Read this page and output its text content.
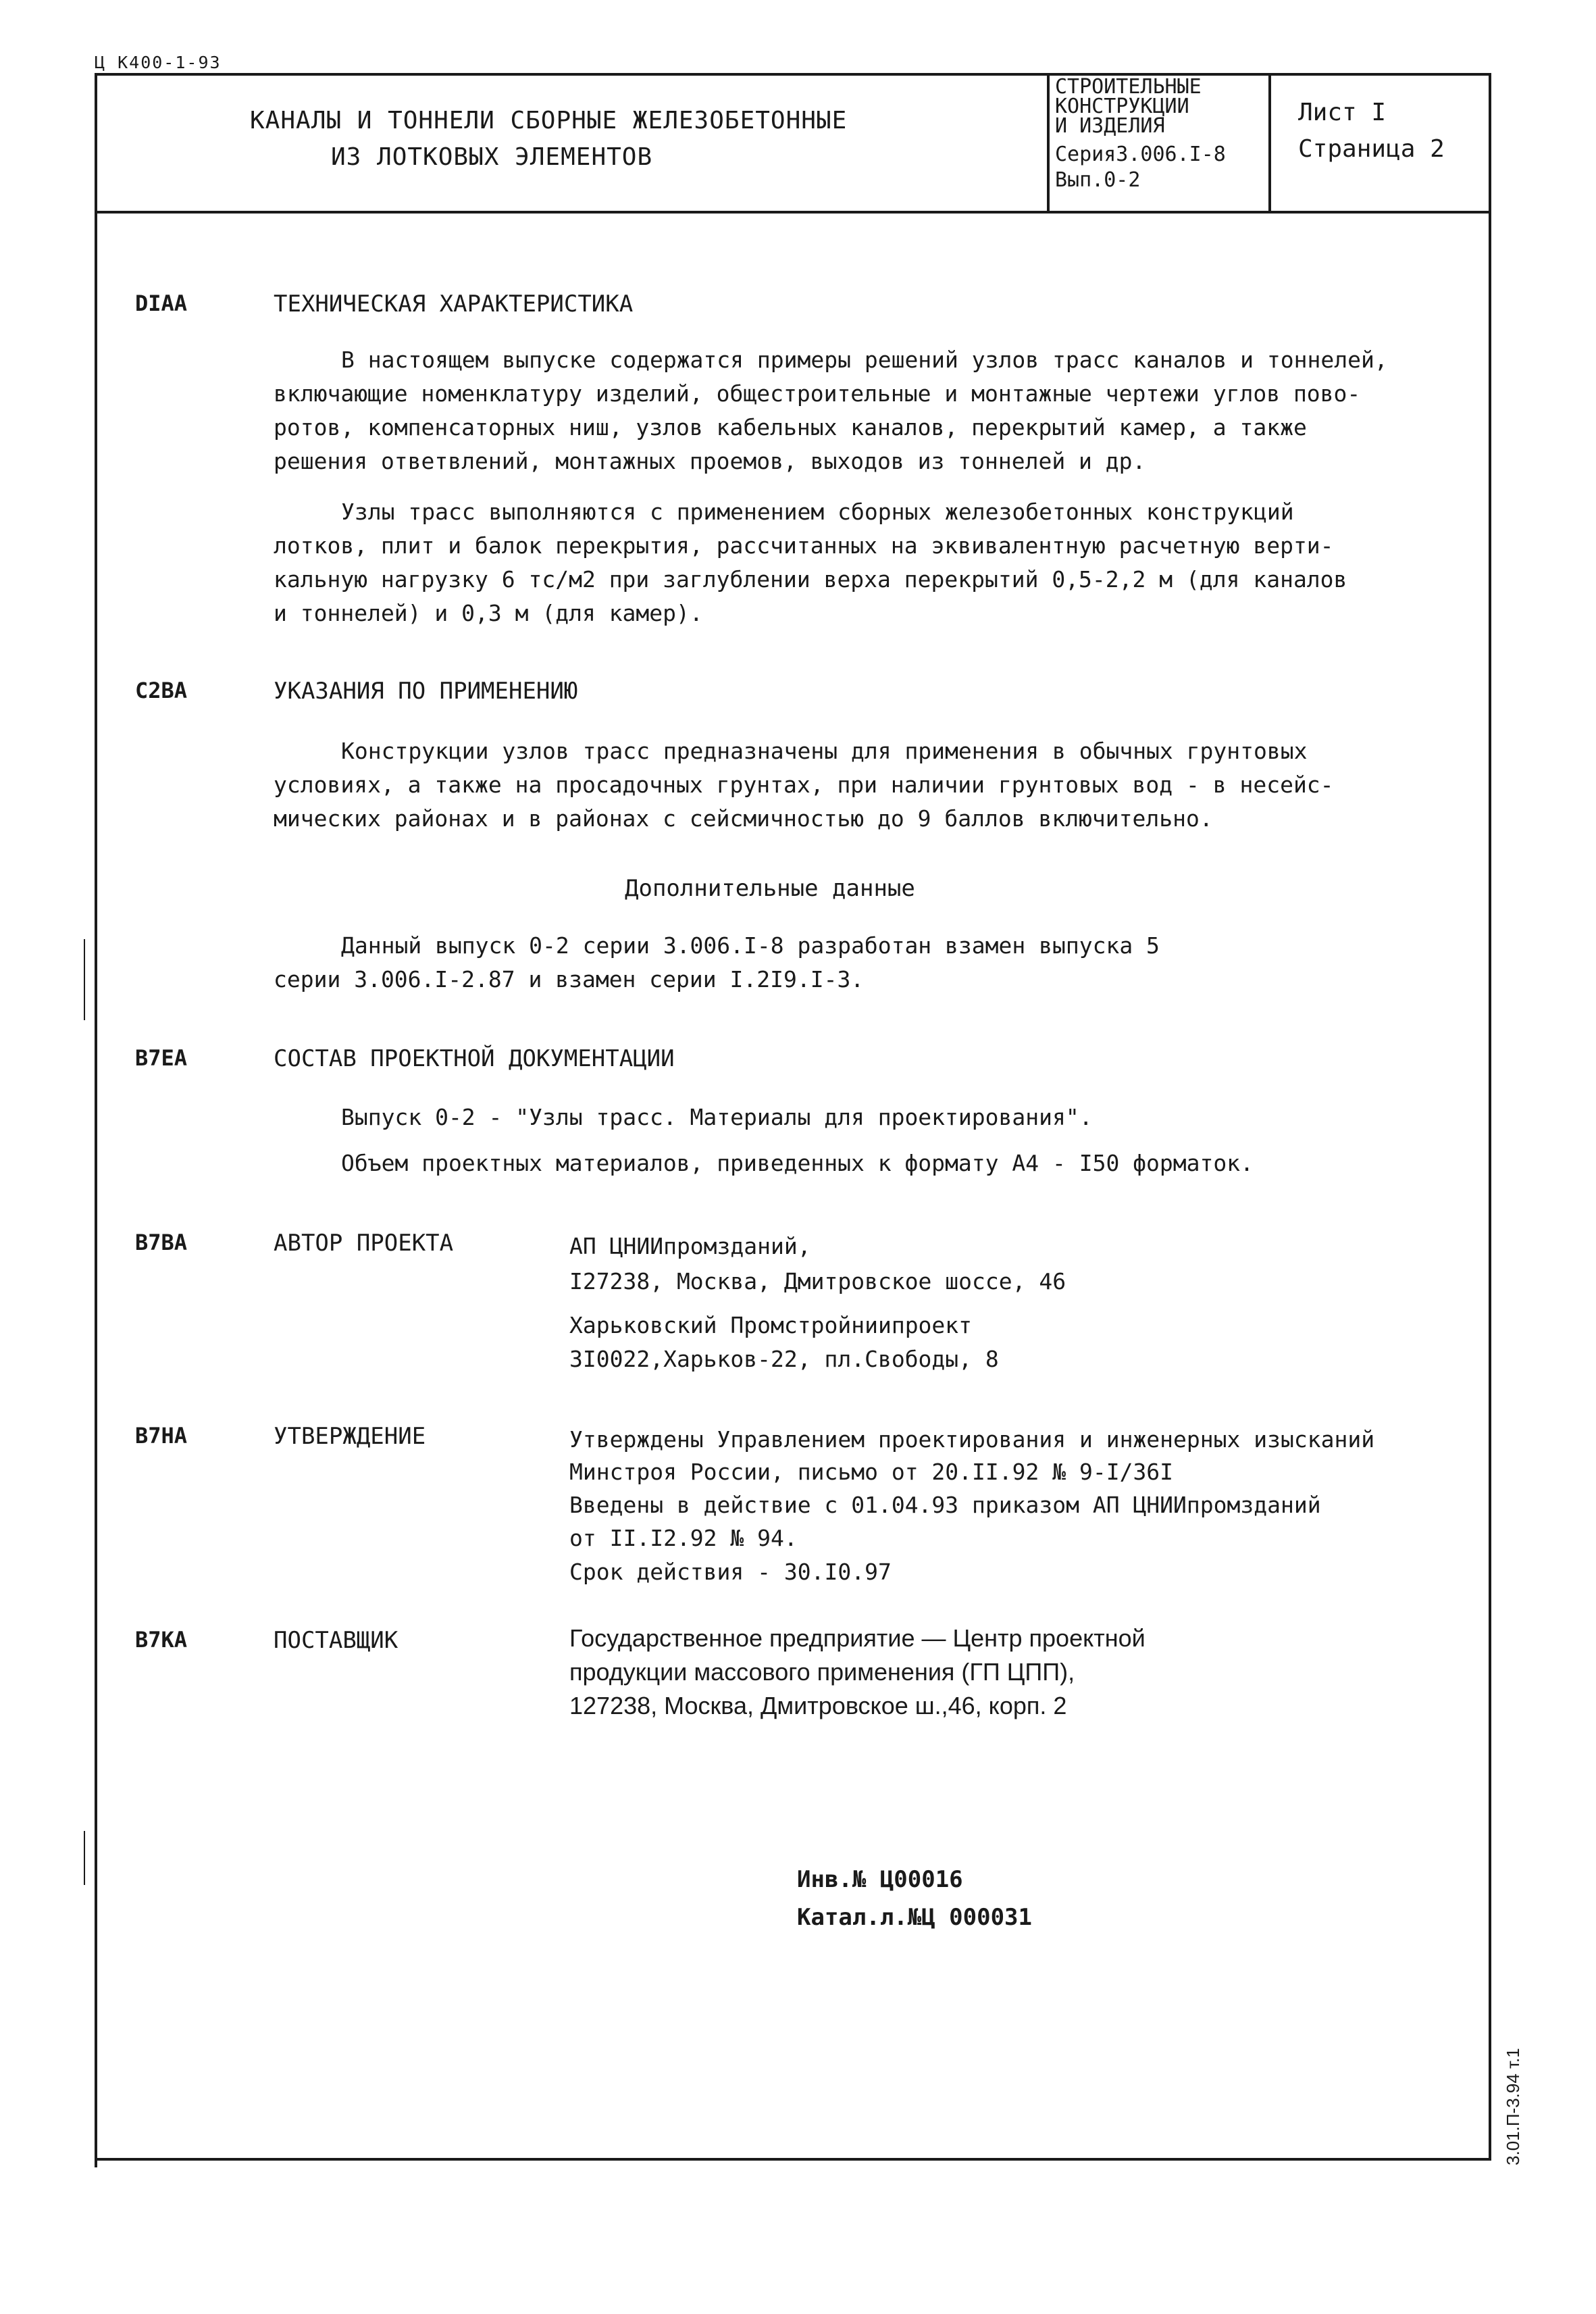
Ц К400-1-93
КАНАЛЫ И ТОННЕЛИ СБОРНЫЕ ЖЕЛЕЗОБЕТОННЫЕ
ИЗ ЛОТКОВЫХ ЭЛЕМЕНТОВ
СТРОИТЕЛЬНЫЕ
КОНСТРУКЦИИ
И ИЗДЕЛИЯ
Серия3.006.I-8
Вып.0-2
Лист I
Страница 2
DIAA	ТЕХНИЧЕСКАЯ ХАРАКТЕРИСТИКА

В настоящем выпуске содержатся примеры решений узлов трасс каналов и тоннелей,

включающие номенклатуру изделий, общестроительные и монтажные чертежи углов пово-

ротов, компенсаторных ниш, узлов кабельных каналов, перекрытий камер, а также

решения ответвлений, монтажных проемов, выходов из тоннелей и др.

Узлы трасс выполняются с применением сборных железобетонных конструкций

лотков, плит и балок перекрытия, рассчитанных на эквивалентную расчетную верти-

кальную нагрузку 6 тс/м2 при заглублении верха перекрытий 0,5-2,2 м (для каналов

и тоннелей) и 0,3 м (для камер).

C2BA	УКАЗАНИЯ ПО ПРИМЕНЕНИЮ

Конструкции узлов трасс предназначены для применения в обычных грунтовых

условиях, а также на просадочных грунтах, при наличии грунтовых вод - в несейс-

мических районах и в районах с сейсмичностью до 9 баллов включительно.

Дополнительные данные

Данный выпуск 0-2 серии 3.006.I-8 разработан взамен выпуска 5

серии 3.006.I-2.87 и взамен серии I.2I9.I-3.

B7EA	СОСТАВ ПРОЕКТНОЙ ДОКУМЕНТАЦИИ
Выпуск 0-2 - "Узлы трасс. Материалы для проектирования".
Объем проектных материалов, приведенных к формату А4 - I50 форматок.
B7BA	АВТОР ПРОЕКТА	АП ЦНИИпромзданий,
I27238, Москва, Дмитровское шоссе, 46
Харьковский Промстройниипроект
3I0022,Харьков-22, пл.Свободы, 8
B7HA	УТВЕРЖДЕНИЕ	Утверждены Управлением проектирования и инженерных изысканий
Минстроя России, письмо от 20.II.92 № 9-I/36I
Введены в действие с 01.04.93 приказом АП ЦНИИпромзданий
от II.I2.92 № 94.
Срок действия - 30.I0.97
B7KA	ПОСТАВЩИК	Государственное предприятие — Центр проектной
продукции массового применения (ГП ЦПП),
127238, Москва, Дмитровское ш.,46, корп. 2
Инв.№ Ц00016
Катал.л.№Ц 000031
3.01.П-3.94 т.1
